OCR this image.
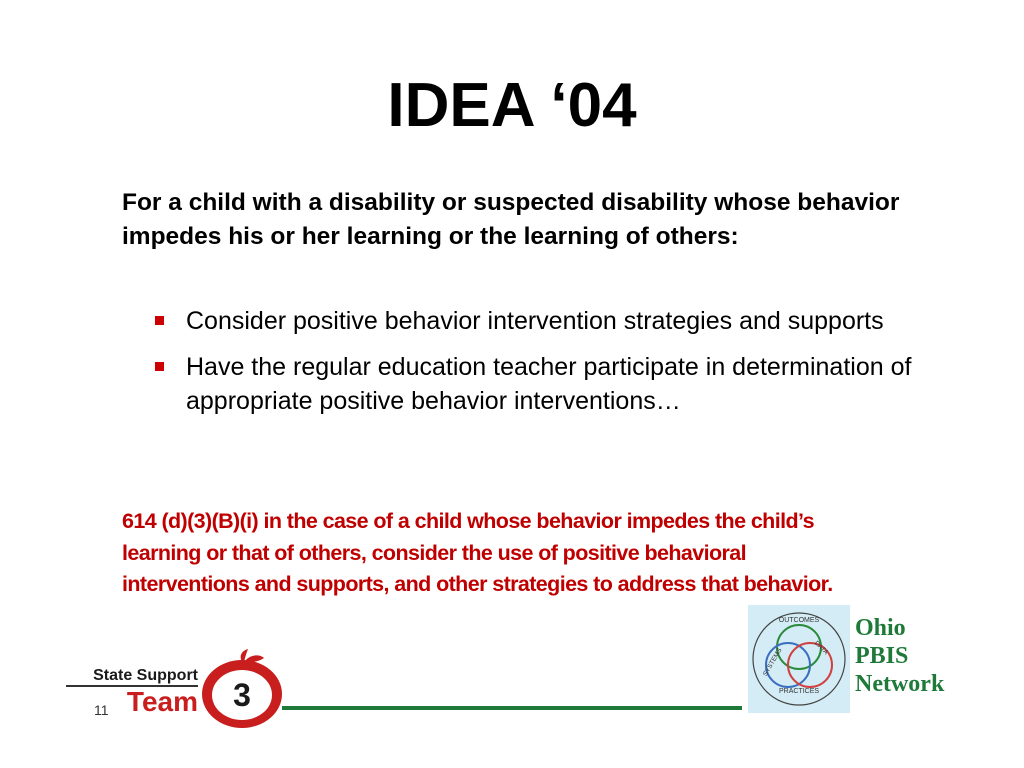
IDEA ‘04
For a child with a disability or suspected disability whose behavior impedes his or her learning or the learning of others:
Consider positive behavior intervention strategies and supports
Have the regular education teacher participate in determination of appropriate positive behavior interventions…
614 (d)(3)(B)(i) in the case of a child whose behavior impedes the child’s learning or that of others, consider the use of positive behavioral interventions and supports, and other strategies to address that behavior.
State Support
Team 3
11
OUTCOMES
SYSTEMS	DATA
PRACTICES
Ohio
PBIS
Network
